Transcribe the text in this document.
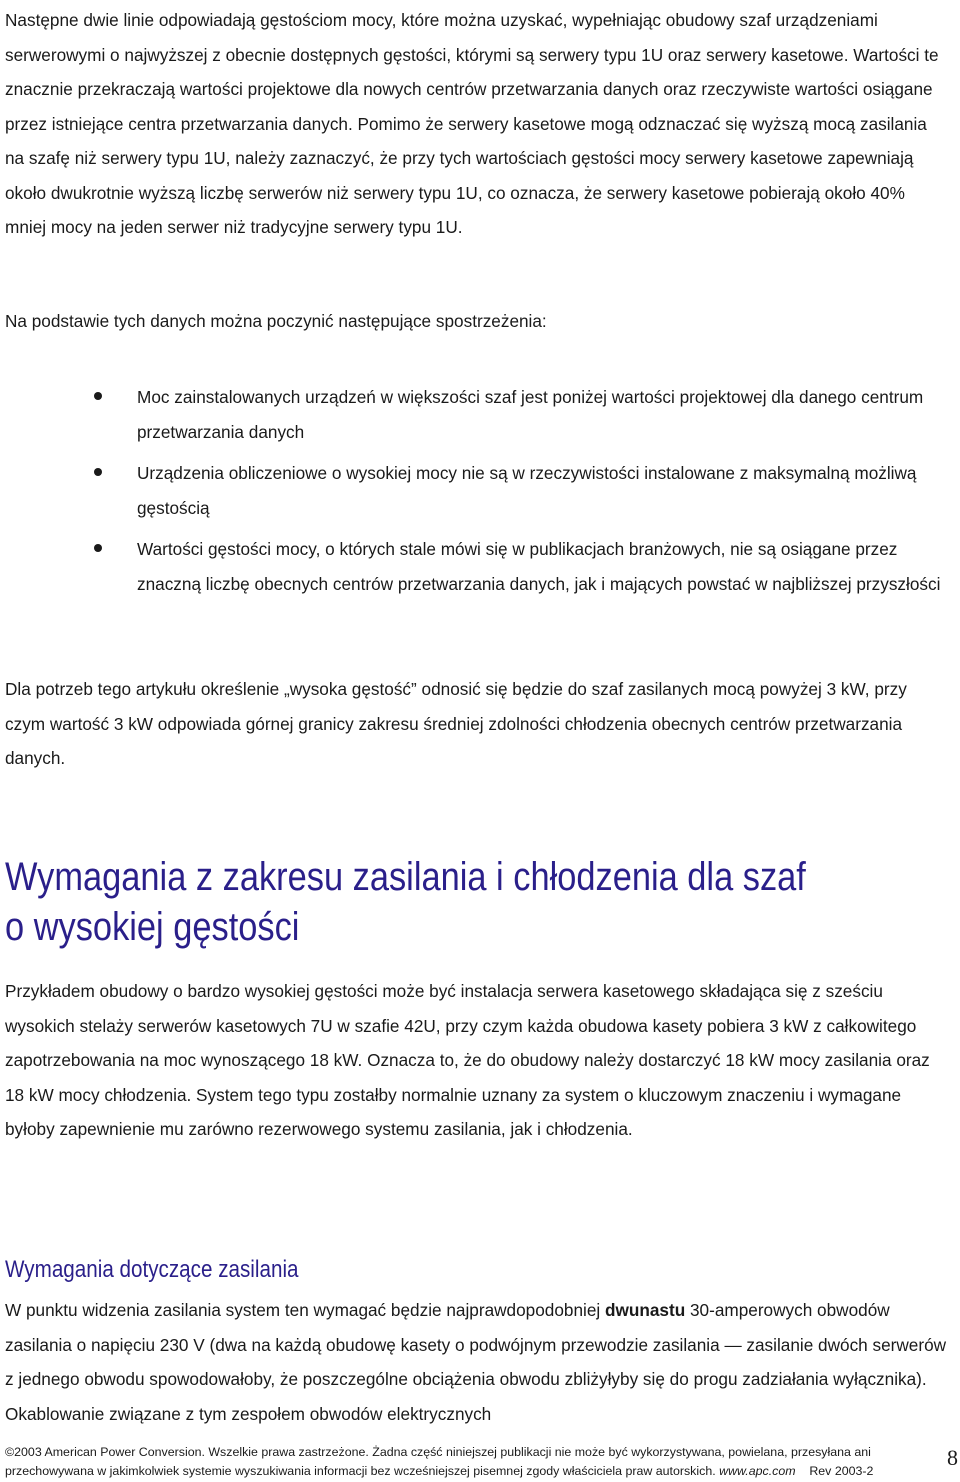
Następne dwie linie odpowiadają gęstościom mocy, które można uzyskać, wypełniając obudowy szaf urządzeniami serwerowymi o najwyższej z obecnie dostępnych gęstości, którymi są serwery typu 1U oraz serwery kasetowe. Wartości te znacznie przekraczają wartości projektowe dla nowych centrów przetwarzania danych oraz rzeczywiste wartości osiągane przez istniejące centra przetwarzania danych. Pomimo że serwery kasetowe mogą odznaczać się wyższą mocą zasilania na szafę niż serwery typu 1U, należy zaznaczyć, że przy tych wartościach gęstości mocy serwery kasetowe zapewniają około dwukrotnie wyższą liczbę serwerów niż serwery typu 1U, co oznacza, że serwery kasetowe pobierają około 40% mniej mocy na jeden serwer niż tradycyjne serwery typu 1U.

Na podstawie tych danych można poczynić następujące spostrzeżenia:

Moc zainstalowanych urządzeń w większości szaf jest poniżej wartości projektowej dla danego centrum przetwarzania danych
Urządzenia obliczeniowe o wysokiej mocy nie są w rzeczywistości instalowane z maksymalną możliwą gęstością
Wartości gęstości mocy, o których stale mówi się w publikacjach branżowych, nie są osiągane przez znaczną liczbę obecnych centrów przetwarzania danych, jak i mających powstać w najbliższej przyszłości

Dla potrzeb tego artykułu określenie „wysoka gęstość” odnosić się będzie do szaf zasilanych mocą powyżej 3 kW, przy czym wartość 3 kW odpowiada górnej granicy zakresu średniej zdolności chłodzenia obecnych centrów przetwarzania danych.

Wymagania z zakresu zasilania i chłodzenia dla szaf
o wysokiej gęstości

Przykładem obudowy o bardzo wysokiej gęstości może być instalacja serwera kasetowego składająca się z sześciu wysokich stelaży serwerów kasetowych 7U w szafie 42U, przy czym każda obudowa kasety pobiera 3 kW z całkowitego zapotrzebowania na moc wynoszącego 18 kW. Oznacza to, że do obudowy należy dostarczyć 18 kW mocy zasilania oraz 18 kW mocy chłodzenia. System tego typu zostałby normalnie uznany za system o kluczowym znaczeniu i wymagane byłoby zapewnienie mu zarówno rezerwowego systemu zasilania, jak i chłodzenia.

Wymagania dotyczące zasilania

W punktu widzenia zasilania system ten wymagać będzie najprawdopodobniej dwunastu 30-amperowych obwodów zasilania o napięciu 230 V (dwa na każdą obudowę kasety o podwójnym przewodzie zasilania — zasilanie dwóch serwerów z jednego obwodu spowodowałoby, że poszczególne obciążenia obwodu zbliżyłyby się do progu zadziałania wyłącznika). Okablowanie związane z tym zespołem obwodów elektrycznych

©2003 American Power Conversion. Wszelkie prawa zastrzeżone. Żadna część niniejszej publikacji nie może być wykorzystywana, powielana, przesyłana ani przechowywana w jakimkolwiek systemie wyszukiwania informacji bez wcześniejszej pisemnej zgody właściciela praw autorskich. www.apc.com Rev 2003-2
8
